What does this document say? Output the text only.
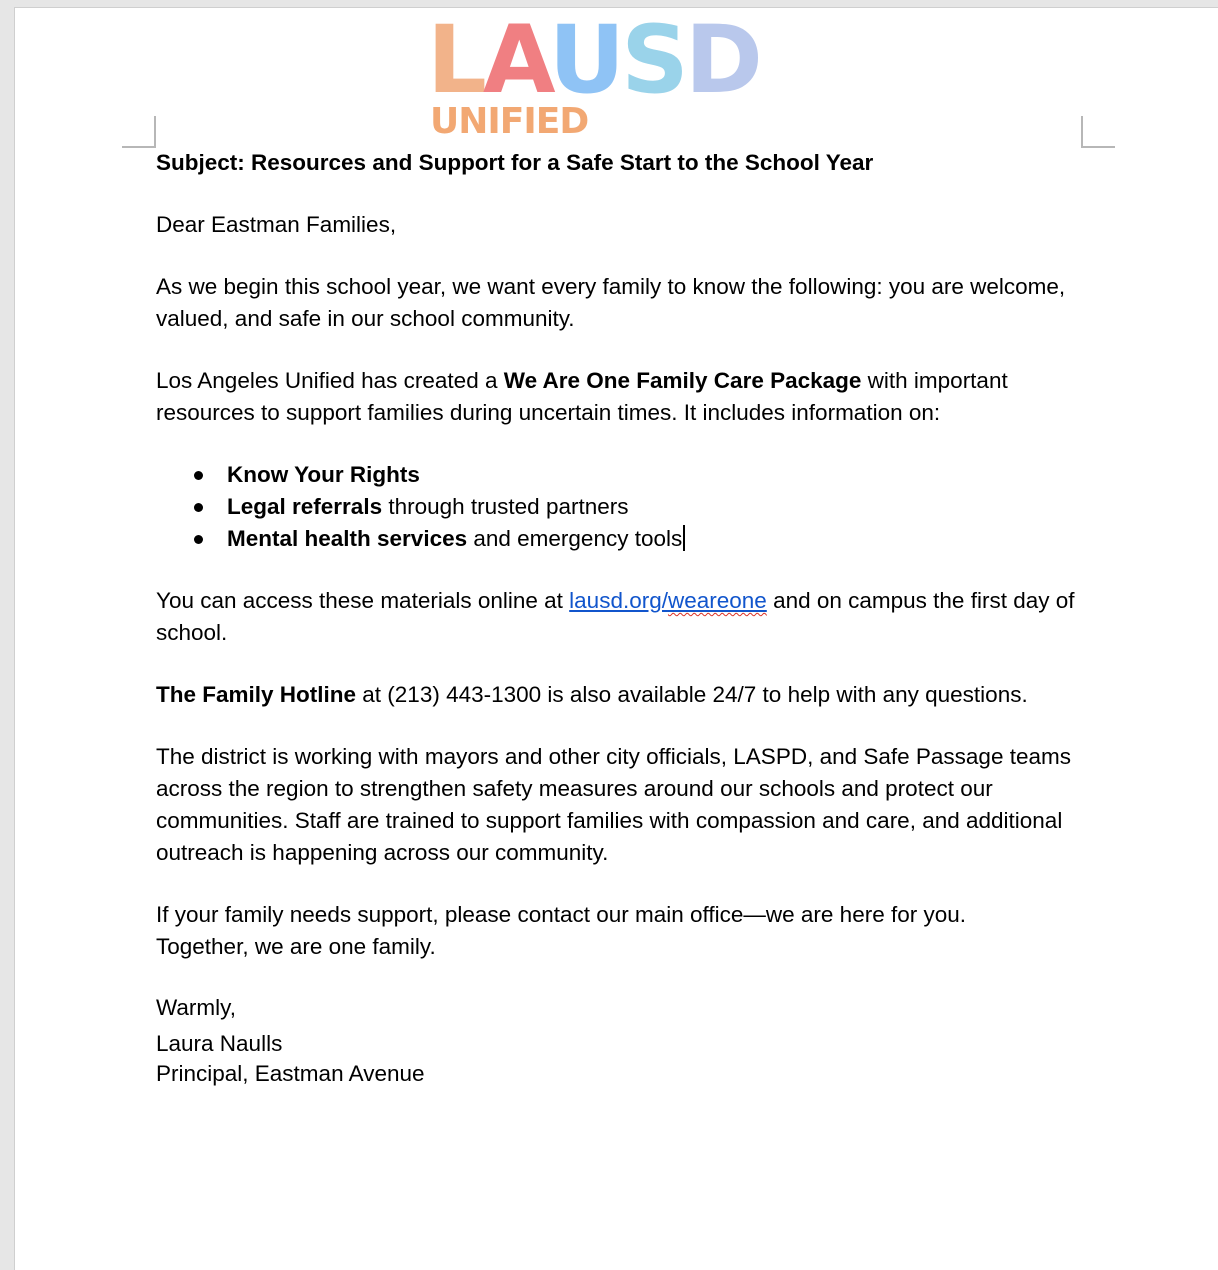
LAUSD
UNIFIED

Subject: Resources and Support for a Safe Start to the School Year

Dear Eastman Families,

As we begin this school year, we want every family to know the following: you are welcome, valued, and safe in our school community.

Los Angeles Unified has created a We Are One Family Care Package with important resources to support families during uncertain times. It includes information on:

Know Your Rights
Legal referrals through trusted partners
Mental health services and emergency tools

You can access these materials online at lausd.org/weareone and on campus the first day of school.

The Family Hotline at (213) 443-1300 is also available 24/7 to help with any questions.

The district is working with mayors and other city officials, LASPD, and Safe Passage teams across the region to strengthen safety measures around our schools and protect our communities. Staff are trained to support families with compassion and care, and additional outreach is happening across our community.

If your family needs support, please contact our main office—we are here for you.
Together, we are one family.

Warmly,

Laura Naulls

Principal, Eastman Avenue
